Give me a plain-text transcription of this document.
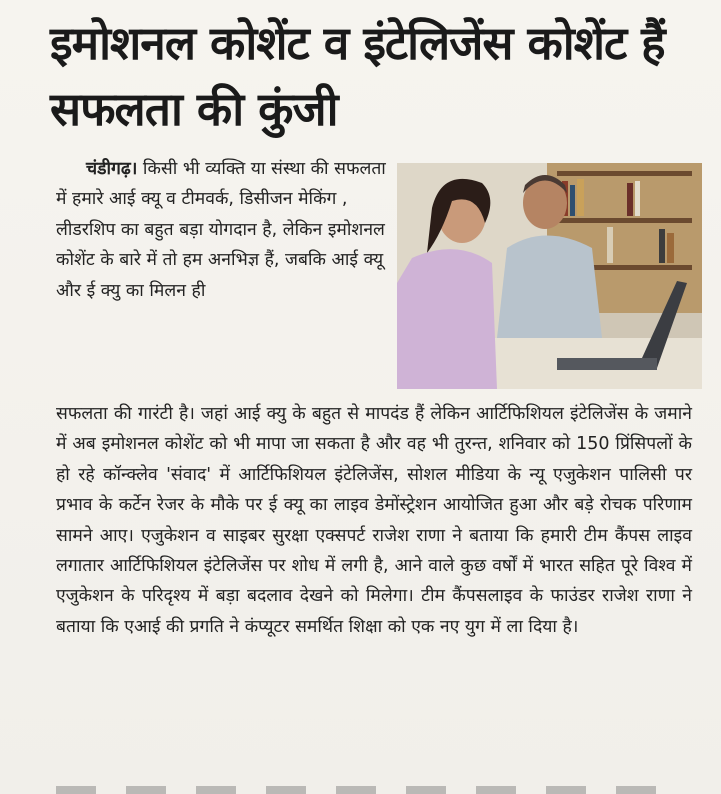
इमोशनल कोशेंट व इंटेलिजेंस कोशेंट हैं सफलता की कुंजी
चंडीगढ़। किसी भी व्यक्ति या संस्था की सफलता में हमारे आई क्यू व टीमवर्क, डिसीजन मेकिंग , लीडरशिप का बहुत बड़ा योगदान है, लेकिन इमोशनल कोशेंट के बारे में तो हम अनभिज्ञ हैं, जबकि आई क्यू और ई क्यु का मिलन ही
सफलता की गारंटी है। जहां आई क्यु के बहुत से मापदंड हैं लेकिन आर्टिफिशियल इंटेलिजेंस के जमाने में अब इमोशनल कोशेंट को भी मापा जा सकता है और वह भी तुरन्त, शनिवार को 150 प्रिंसिपलों के हो रहे कॉन्क्लेव 'संवाद' में आर्टिफिशियल इंटेलिजेंस, सोशल मीडिया के न्यू एजुकेशन पालिसी पर प्रभाव के कर्टेन रेजर के मौके पर ई क्यू का लाइव डेमोंस्ट्रेशन आयोजित हुआ और बड़े रोचक परिणाम सामने आए। एजुकेशन व साइबर सुरक्षा एक्सपर्ट राजेश राणा ने बताया कि हमारी टीम कैंपस लाइव लगातार आर्टिफिशियल इंटेलिजेंस पर शोध में लगी है, आने वाले कुछ वर्षों में भारत सहित पूरे विश्व में एजुकेशन के परिदृश्य में बड़ा बदलाव देखने को मिलेगा। टीम कैंपसलाइव के फाउंडर राजेश राणा ने बताया कि एआई की प्रगति ने कंप्यूटर समर्थित शिक्षा को एक नए युग में ला दिया है।
